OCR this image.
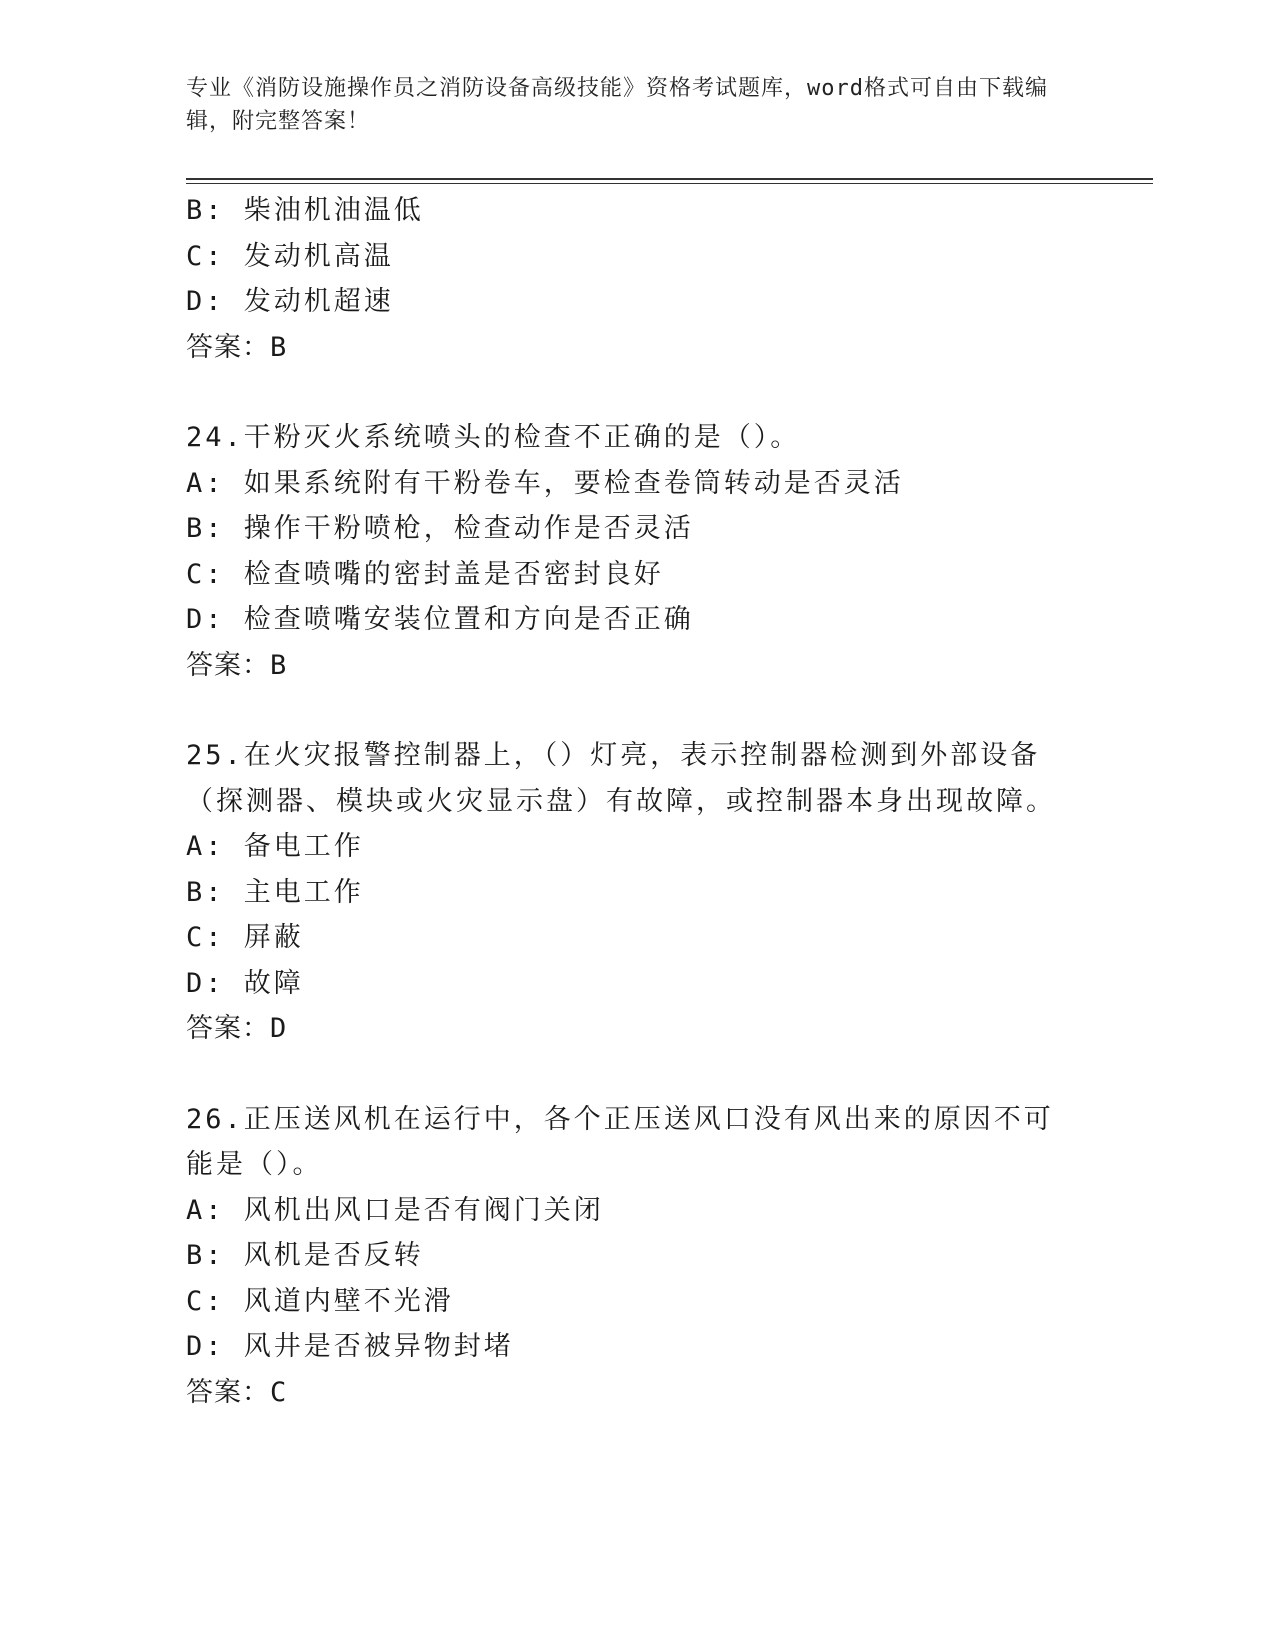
专业《消防设施操作员之消防设备高级技能》资格考试题库，word格式可自由下载编辑，附完整答案！
B: 柴油机油温低
C: 发动机高温
D: 发动机超速
答案：B
24.干粉灭火系统喷头的检查不正确的是（）。
A: 如果系统附有干粉卷车，要检查卷筒转动是否灵活
B: 操作干粉喷枪，检查动作是否灵活
C: 检查喷嘴的密封盖是否密封良好
D: 检查喷嘴安装位置和方向是否正确
答案：B
25.在火灾报警控制器上，（）灯亮，表示控制器检测到外部设备（探测器、模块或火灾显示盘）有故障，或控制器本身出现故障。
A: 备电工作
B: 主电工作
C: 屏蔽
D: 故障
答案：D
26.正压送风机在运行中，各个正压送风口没有风出来的原因不可能是（）。
A: 风机出风口是否有阀门关闭
B: 风机是否反转
C: 风道内壁不光滑
D: 风井是否被异物封堵
答案：C
